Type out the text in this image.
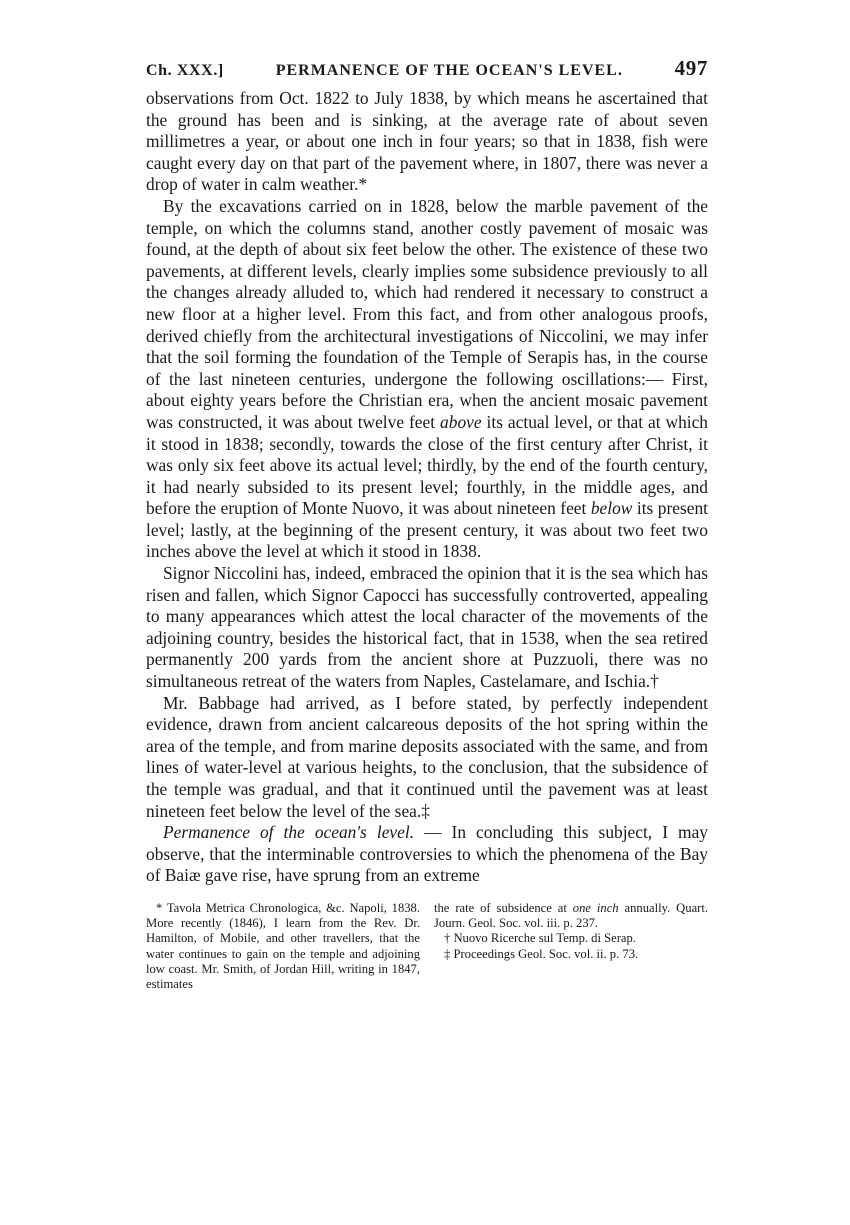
Ch. XXX.]	PERMANENCE OF THE OCEAN'S LEVEL. 497

observations from Oct. 1822 to July 1838, by which means he ascertained that the ground has been and is sinking, at the average rate of about seven millimetres a year, or about one inch in four years; so that in 1838, fish were caught every day on that part of the pavement where, in 1807, there was never a drop of water in calm weather.*

By the excavations carried on in 1828, below the marble pavement of the temple, on which the columns stand, another costly pavement of mosaic was found, at the depth of about six feet below the other. The existence of these two pavements, at different levels, clearly implies some subsidence previously to all the changes already alluded to, which had rendered it necessary to construct a new floor at a higher level. From this fact, and from other analogous proofs, derived chiefly from the architectural investigations of Niccolini, we may infer that the soil forming the foundation of the Temple of Serapis has, in the course of the last nineteen centuries, undergone the following oscillations:— First, about eighty years before the Christian era, when the ancient mosaic pavement was constructed, it was about twelve feet above its actual level, or that at which it stood in 1838; secondly, towards the close of the first century after Christ, it was only six feet above its actual level; thirdly, by the end of the fourth century, it had nearly subsided to its present level; fourthly, in the middle ages, and before the eruption of Monte Nuovo, it was about nineteen feet below its present level; lastly, at the beginning of the present century, it was about two feet two inches above the level at which it stood in 1838.

Signor Niccolini has, indeed, embraced the opinion that it is the sea which has risen and fallen, which Signor Capocci has successfully controverted, appealing to many appearances which attest the local character of the movements of the adjoining country, besides the historical fact, that in 1538, when the sea retired permanently 200 yards from the ancient shore at Puzzuoli, there was no simultaneous retreat of the waters from Naples, Castelamare, and Ischia.†

Mr. Babbage had arrived, as I before stated, by perfectly independent evidence, drawn from ancient calcareous deposits of the hot spring within the area of the temple, and from marine deposits associated with the same, and from lines of water-level at various heights, to the conclusion, that the subsidence of the temple was gradual, and that it continued until the pavement was at least nineteen feet below the level of the sea.‡

Permanence of the ocean's level. — In concluding this subject, I may observe, that the interminable controversies to which the phenomena of the Bay of Baiæ gave rise, have sprung from an extreme

* Tavola Metrica Chronologica, &c. Napoli, 1838. More recently (1846), I learn from the Rev. Dr. Hamilton, of Mobile, and other travellers, that the water continues to gain on the temple and adjoining low coast. Mr. Smith, of Jordan Hill, writing in 1847, estimates

the rate of subsidence at one inch annually. Quart. Journ. Geol. Soc. vol. iii. p. 237.

† Nuovo Ricerche sul Temp. di Serap.

‡ Proceedings Geol. Soc. vol. ii. p. 73.
